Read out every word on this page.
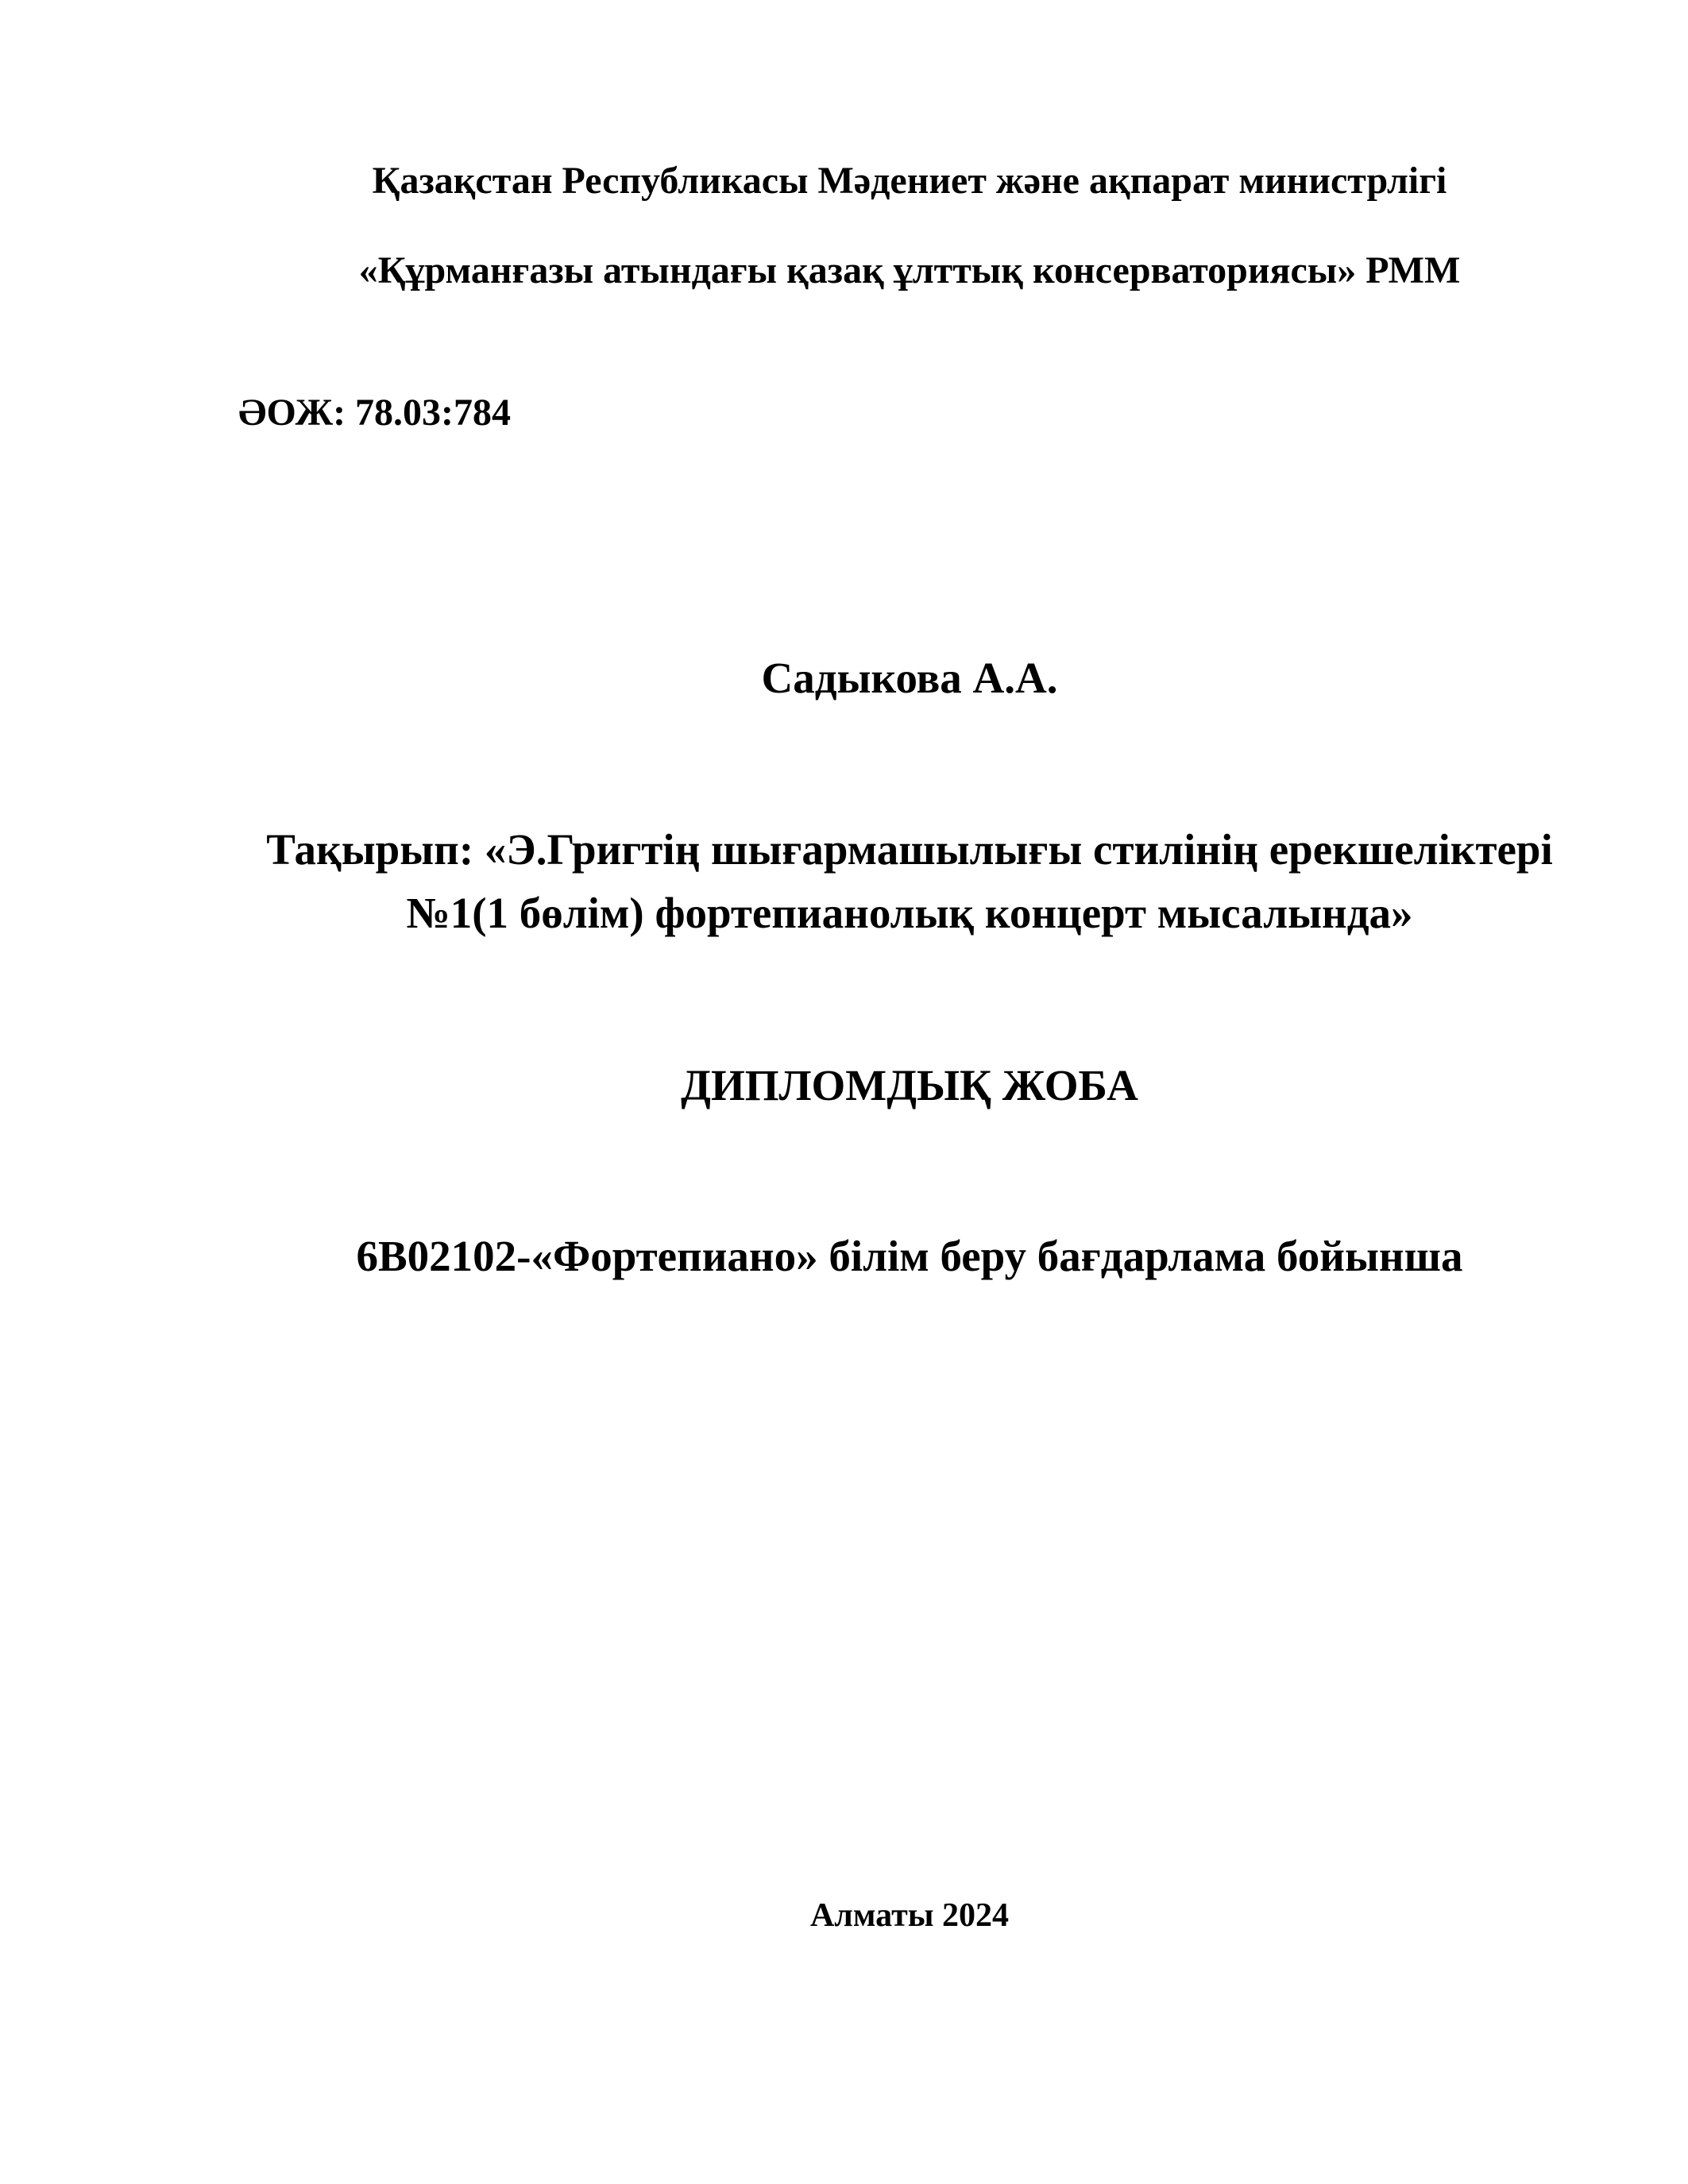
Қазақстан Республикасы Мәдениет және ақпарат министрлігі
«Құрманғазы атындағы қазақ ұлттық консерваториясы» РММ
ӘОЖ: 78.03:784
Садыкова А.А.
Тақырып: «Э.Григтің шығармашылығы стилінің ерекшеліктері
№1(1 бөлім) фортепианолық концерт мысалында»
ДИПЛОМДЫҚ ЖОБА
6В02102-«Фортепиано» білім беру бағдарлама бойынша
Алматы 2024
